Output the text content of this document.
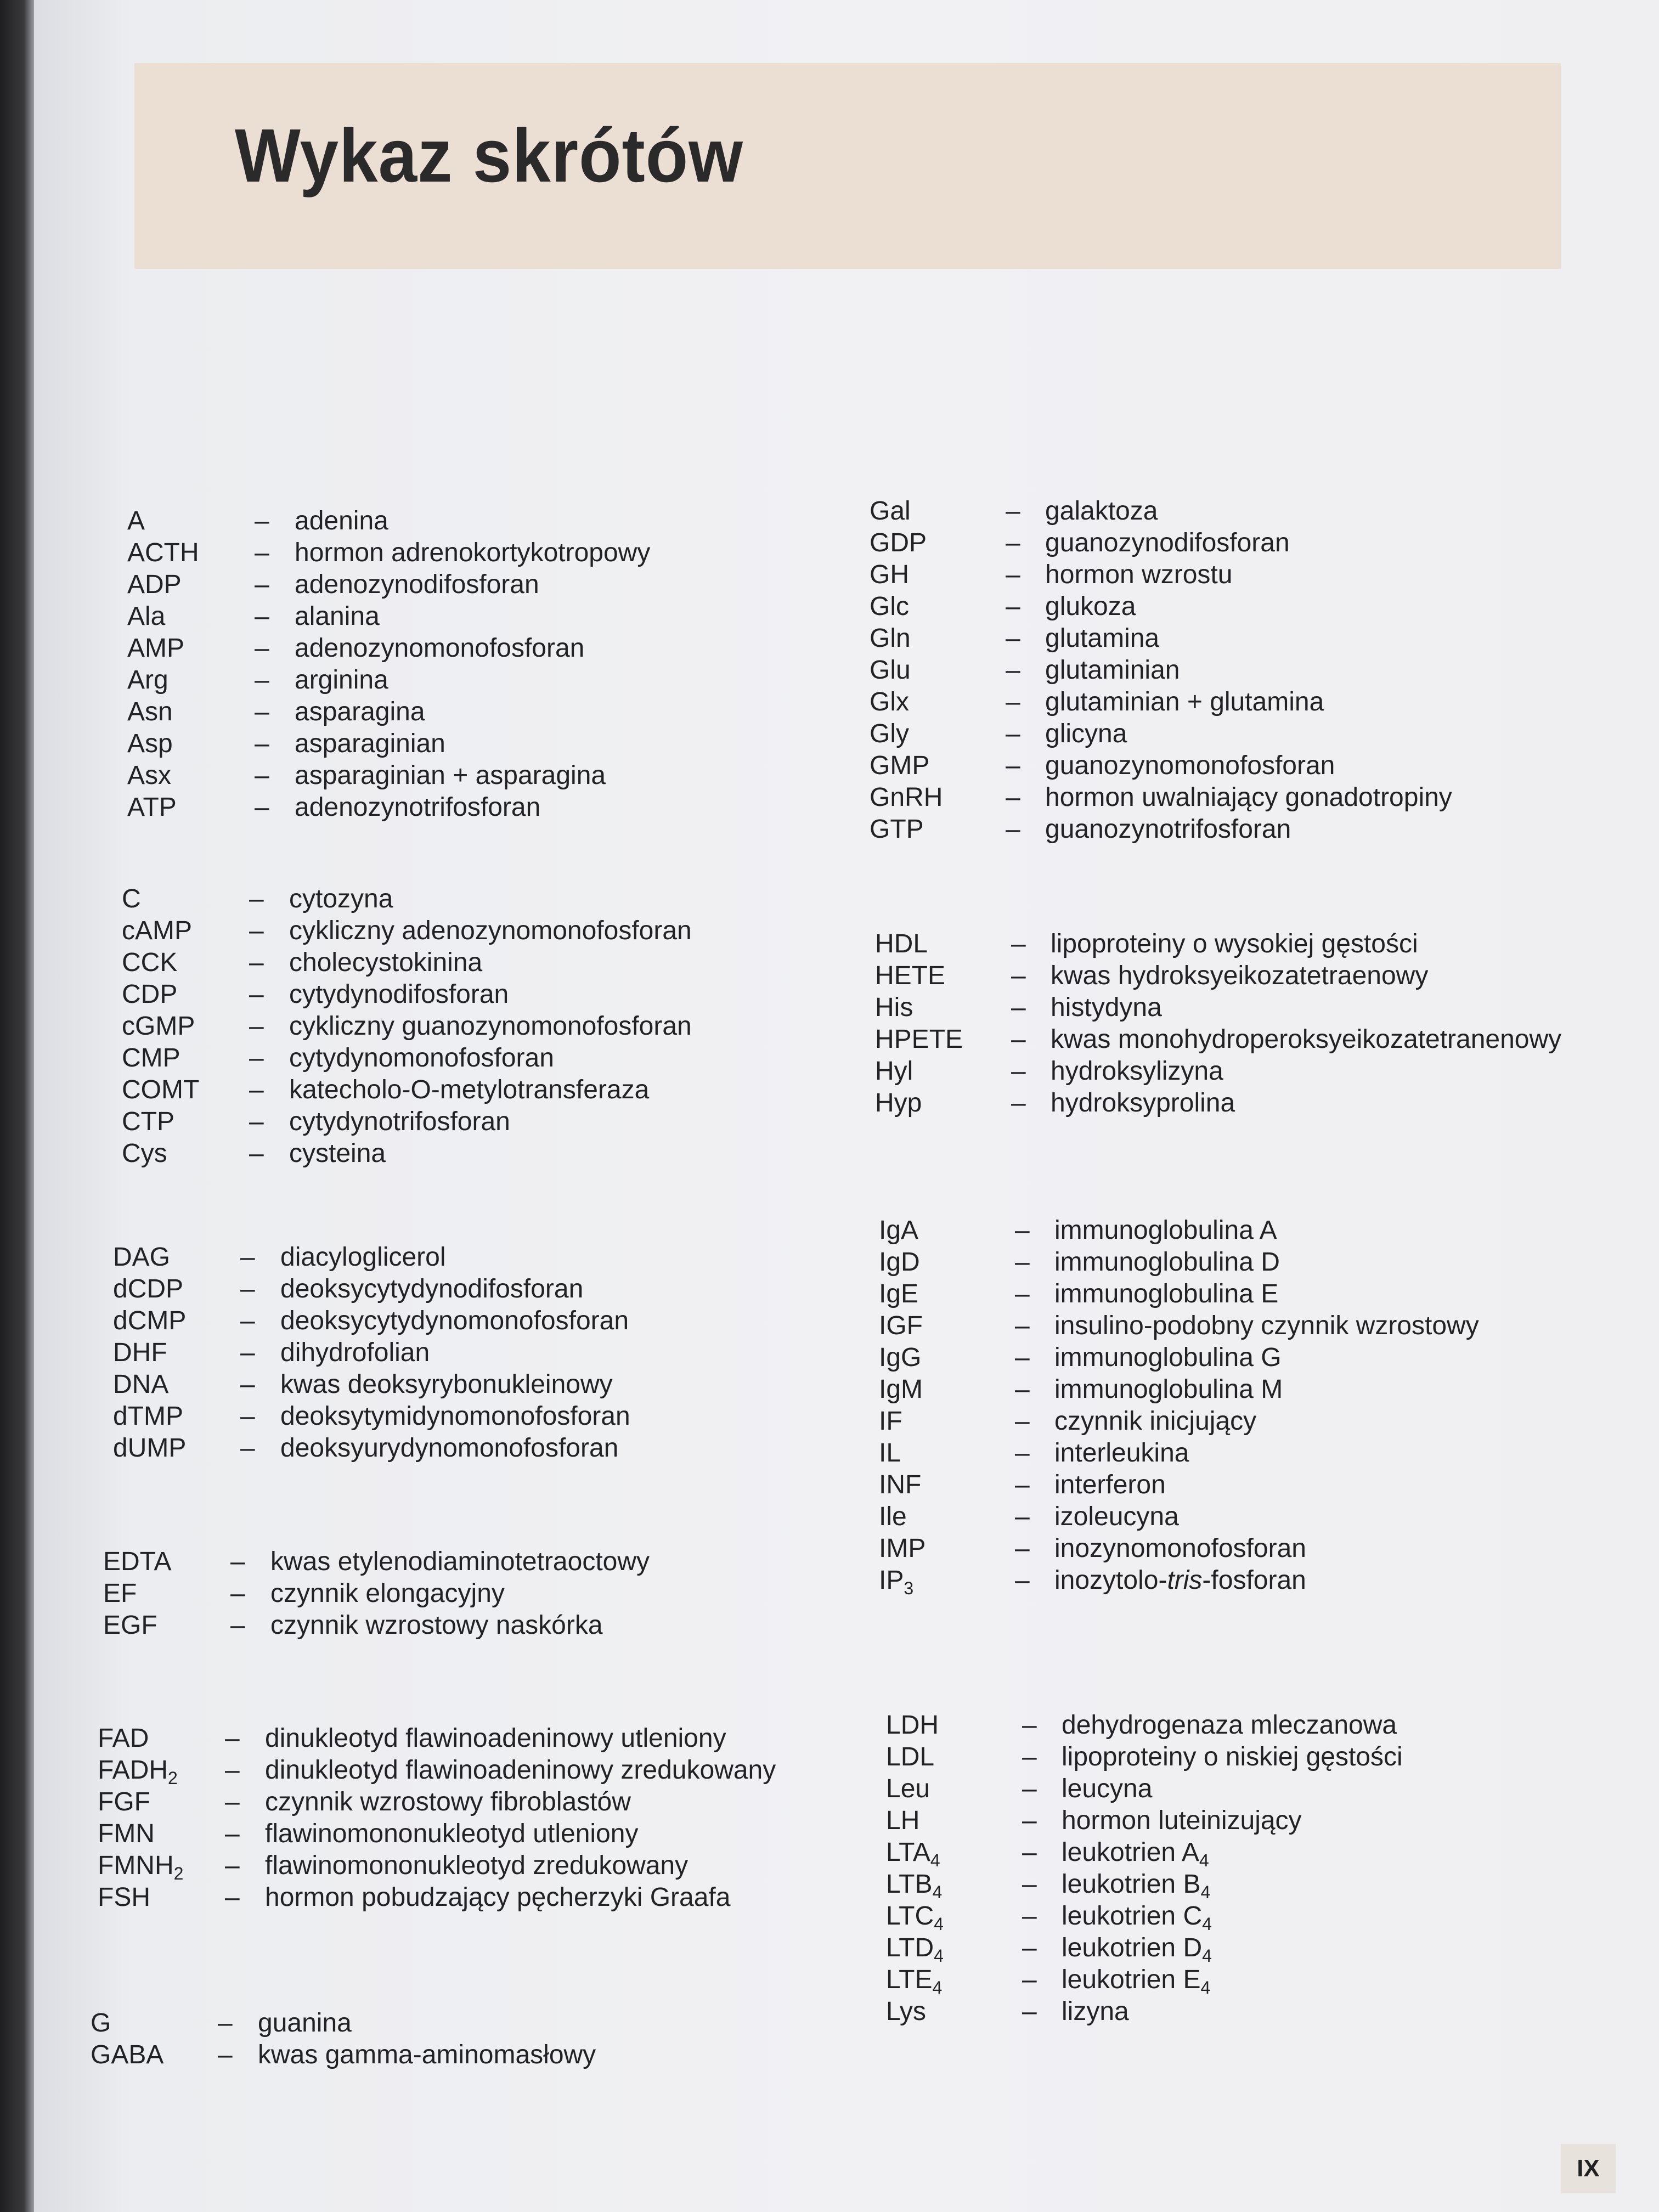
Wykaz skrótów
A	– adenina
ACTH – hormon adrenokortykotropowy
ADP	– adenozynodifosforan
Ala	– alanina
AMP	– adenozynomonofosforan
Arg	– arginina
Asn	– asparagina
Asp	– asparaginian
Asx	– asparaginian + asparagina
ATP	– adenozynotrifosforan
C	– cytozyna
cAMP – cykliczny adenozynomonofosforan
CCK	– cholecystokinina
CDP	– cytydynodifosforan
cGMP – cykliczny guanozynomonofosforan
CMP	– cytydynomonofosforan
COMT – katecholo-O-metylotransferaza
CTP	– cytydynotrifosforan
Cys	– cysteina
DAG	– diacyloglicerol
dCDP – deoksycytydynodifosforan
dCMP – deoksycytydynomonofosforan
DHF	– dihydrofolian
DNA	– kwas deoksyrybonukleinowy
dTMP – deoksytymidynomonofosforan
dUMP – deoksyurydynomonofosforan
EDTA – kwas etylenodiaminotetraoctowy
EF	– czynnik elongacyjny
EGF	– czynnik wzrostowy naskórka
FAD	– dinukleotyd flawinoadeninowy utleniony
$FADH_2$ – dinukleotyd flawinoadeninowy zredukowany
FGF	– czynnik wzrostowy fibroblastów
FMN	– flawinomononukleotyd utleniony
$FMNH_2$ – flawinomononukleotyd zredukowany
FSH	– hormon pobudzający pęcherzyki Graafa
G	– guanina
GABA – kwas gamma-aminomasłowy
Gal	– galaktoza
GDP	– guanozynodifosforan
GH	– hormon wzrostu
Glc	– glukoza
Gln	– glutamina
Glu	– glutaminian
Glx	– glutaminian + glutamina
Gly	– glicyna
GMP	– guanozynomonofosforan
GnRH – hormon uwalniający gonadotropiny
GTP	– guanozynotrifosforan
HDL	– lipoproteiny o wysokiej gęstości
HETE – kwas hydroksyeikozatetraenowy
His	– histydyna
HPETE – kwas monohydroperoksyeikozatetranenowy
Hyl	– hydroksylizyna
Hyp	– hydroksyprolina
IgA	– immunoglobulina A
IgD	– immunoglobulina D
IgE	– immunoglobulina E
IGF	– insulino-podobny czynnik wzrostowy
IgG	– immunoglobulina G
IgM	– immunoglobulina M
IF	– czynnik inicjujący
IL	– interleukina
INF	– interferon
Ile	– izoleucyna
IMP	– inozynomonofosforan
$IP_3$	– inozytolo-tris-fosforan
LDH	– dehydrogenaza mleczanowa
LDL	– lipoproteiny o niskiej gęstości
Leu	– leucyna
LH	– hormon luteinizujący
$LTA_4$	– leukotrien $A_4$
$LTB_4$	– leukotrien $B_4$
$LTC_4$	– leukotrien $C_4$
$LTD_4$	– leukotrien $D_4$
$LTE_4$	– leukotrien $E_4$
Lys	– lizyna
IX
